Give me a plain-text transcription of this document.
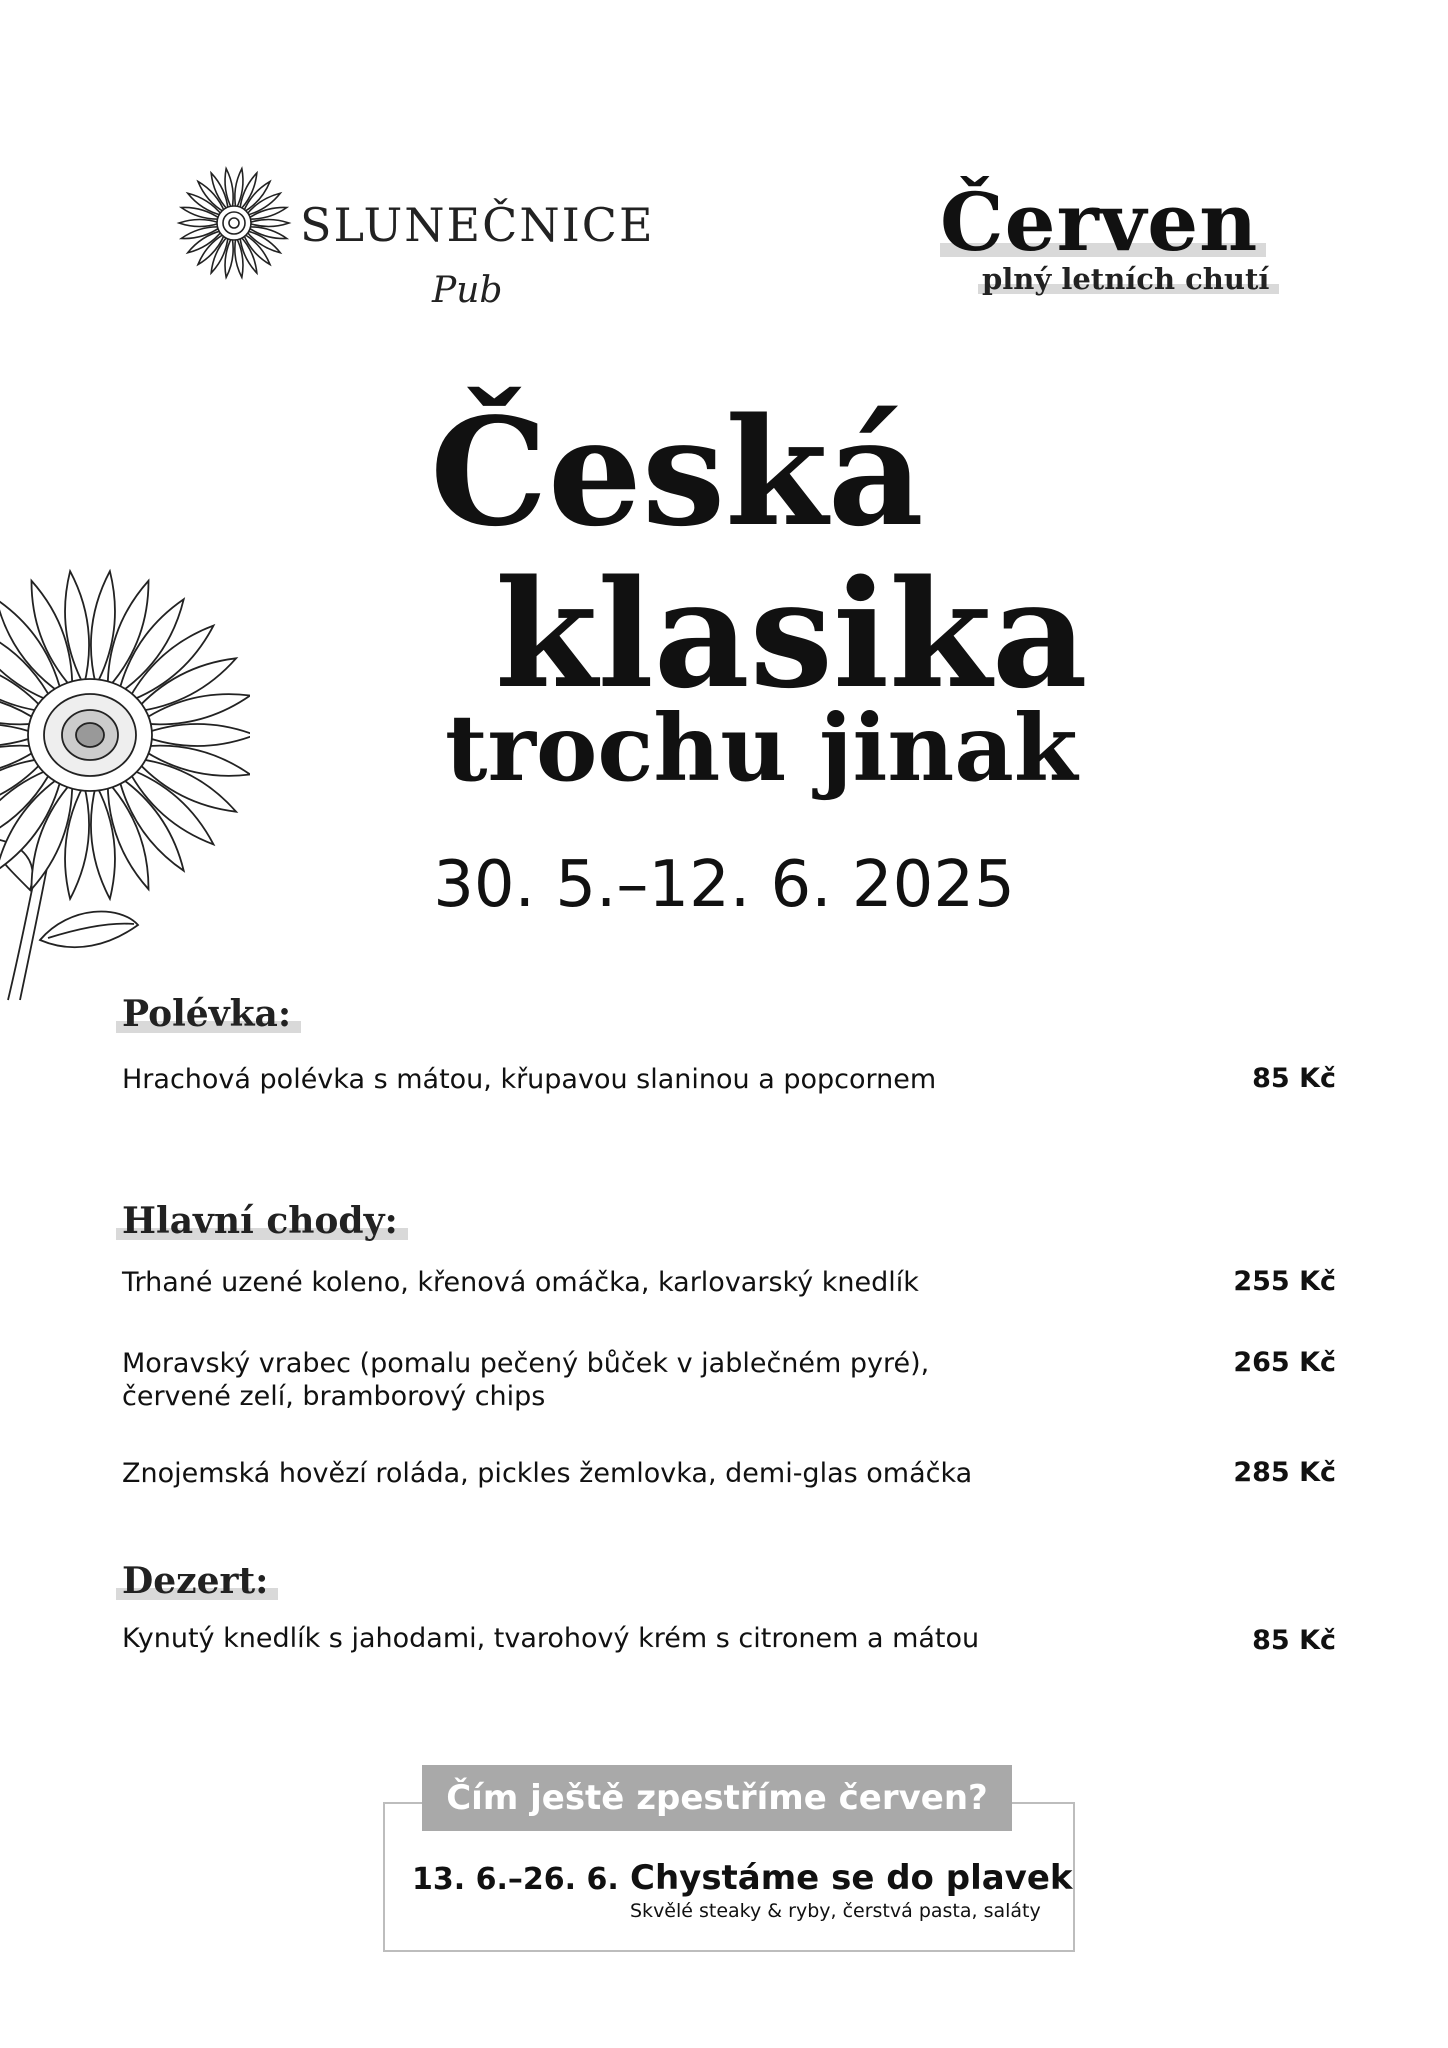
SLUNEČNICE
Pub
Červen
plný letních chutí
Česká
klasika
trochu jinak
30. 5.–12. 6. 2025
Polévka:
Hrachová polévka s mátou, křupavou slaninou a popcornem	85 Kč
Hlavní chody:
Trhané uzené koleno, křenová omáčka, karlovarský knedlík	255 Kč
Moravský vrabec (pomalu pečený bůček v jablečném pyré),
červené zelí, bramborový chips
265 Kč
Znojemská hovězí roláda, pickles žemlovka, demi-glas omáčka	285 Kč
Dezert:
Kynutý knedlík s jahodami, tvarohový krém s citronem a mátou	85 Kč
Čím ještě zpestříme červen?
13. 6.–26. 6. Chystáme se do plavek
Skvělé steaky & ryby, čerstvá pasta, saláty
